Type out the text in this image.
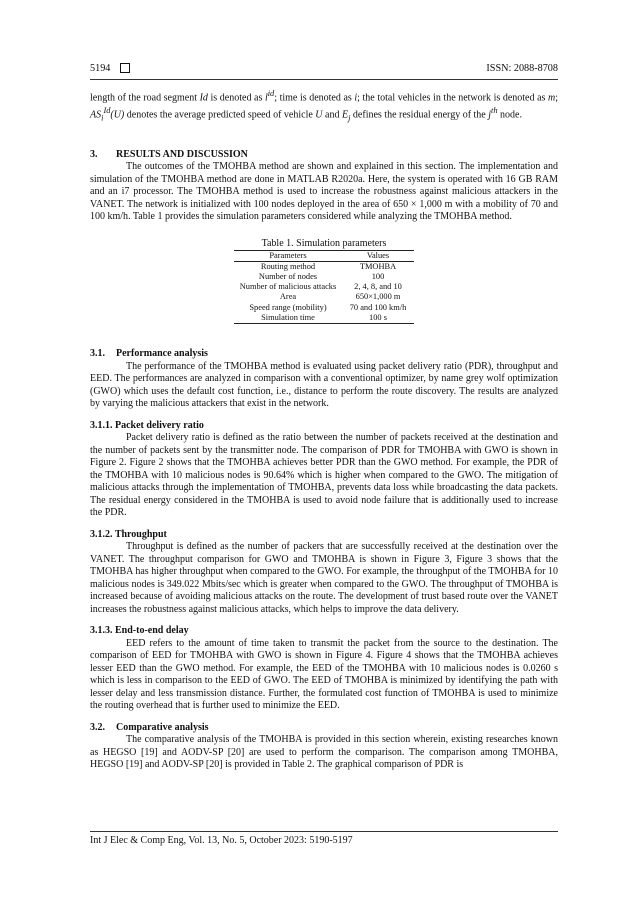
5194	ISSN: 2088-8708

length of the road segment Id is denoted as $l^{id}$; time is denoted as i; the total vehicles in the network is denoted as m; $AS_i^{Id}(U)$ denotes the average predicted speed of vehicle U and $E_j$ defines the residual energy of the $j^{th}$ node.

3. RESULTS AND DISCUSSION

The outcomes of the TMOHBA method are shown and explained in this section. The implementation and simulation of the TMOHBA method are done in MATLAB R2020a. Here, the system is operated with 16 GB RAM and an i7 processor. The TMOHBA method is used to increase the robustness against malicious attackers in the VANET. The network is initialized with 100 nodes deployed in the area of 650 × 1,000 m with a mobility of 70 and 100 km/h. Table 1 provides the simulation parameters considered while analyzing the TMOHBA method.

Table 1. Simulation parameters
Parameters	Values
Routing method	TMOHBA
Number of nodes	100
Number of malicious attacks	2, 4, 8, and 10
Area	650×1,000 m
Speed range (mobility)	70 and 100 km/h
Simulation time	100 s
3.1. Performance analysis

The performance of the TMOHBA method is evaluated using packet delivery ratio (PDR), throughput and EED. The performances are analyzed in comparison with a conventional optimizer, by name grey wolf optimization (GWO) which uses the default cost function, i.e., distance to perform the route discovery. The results are analyzed by varying the malicious attackers that exist in the network.

3.1.1. Packet delivery ratio

Packet delivery ratio is defined as the ratio between the number of packets received at the destination and the number of packets sent by the transmitter node. The comparison of PDR for TMOHBA with GWO is shown in Figure 2. Figure 2 shows that the TMOHBA achieves better PDR than the GWO method. For example, the PDR of the TMOHBA with 10 malicious nodes is 90.64% which is higher when compared to the GWO. The mitigation of malicious attacks through the implementation of TMOHBA, prevents data loss while broadcasting the data packets. The residual energy considered in the TMOHBA is used to avoid node failure that is additionally used to increase the PDR.

3.1.2. Throughput

Throughput is defined as the number of packers that are successfully received at the destination over the VANET. The throughput comparison for GWO and TMOHBA is shown in Figure 3, Figure 3 shows that the TMOHBA has higher throughput when compared to the GWO. For example, the throughput of the TMOHBA for 10 malicious nodes is 349.022 Mbits/sec which is greater when compared to the GWO. The throughput of TMOHBA is increased because of avoiding malicious attacks on the route. The development of trust based route over the VANET increases the robustness against malicious attacks, which helps to improve the data delivery.

3.1.3. End-to-end delay

EED refers to the amount of time taken to transmit the packet from the source to the destination. The comparison of EED for TMOHBA with GWO is shown in Figure 4. Figure 4 shows that the TMOHBA achieves lesser EED than the GWO method. For example, the EED of the TMOHBA with 10 malicious nodes is 0.0260 s which is less in comparison to the EED of GWO. The EED of TMOHBA is minimized by identifying the path with lesser delay and less transmission distance. Further, the formulated cost function of TMOHBA is used to minimize the routing overhead that is further used to minimize the EED.

3.2. Comparative analysis

The comparative analysis of the TMOHBA is provided in this section wherein, existing researches known as HEGSO [19] and AODV-SP [20] are used to perform the comparison. The comparison among TMOHBA, HEGSO [19] and AODV-SP [20] is provided in Table 2. The graphical comparison of PDR is

Int J Elec & Comp Eng, Vol. 13, No. 5, October 2023: 5190-5197
